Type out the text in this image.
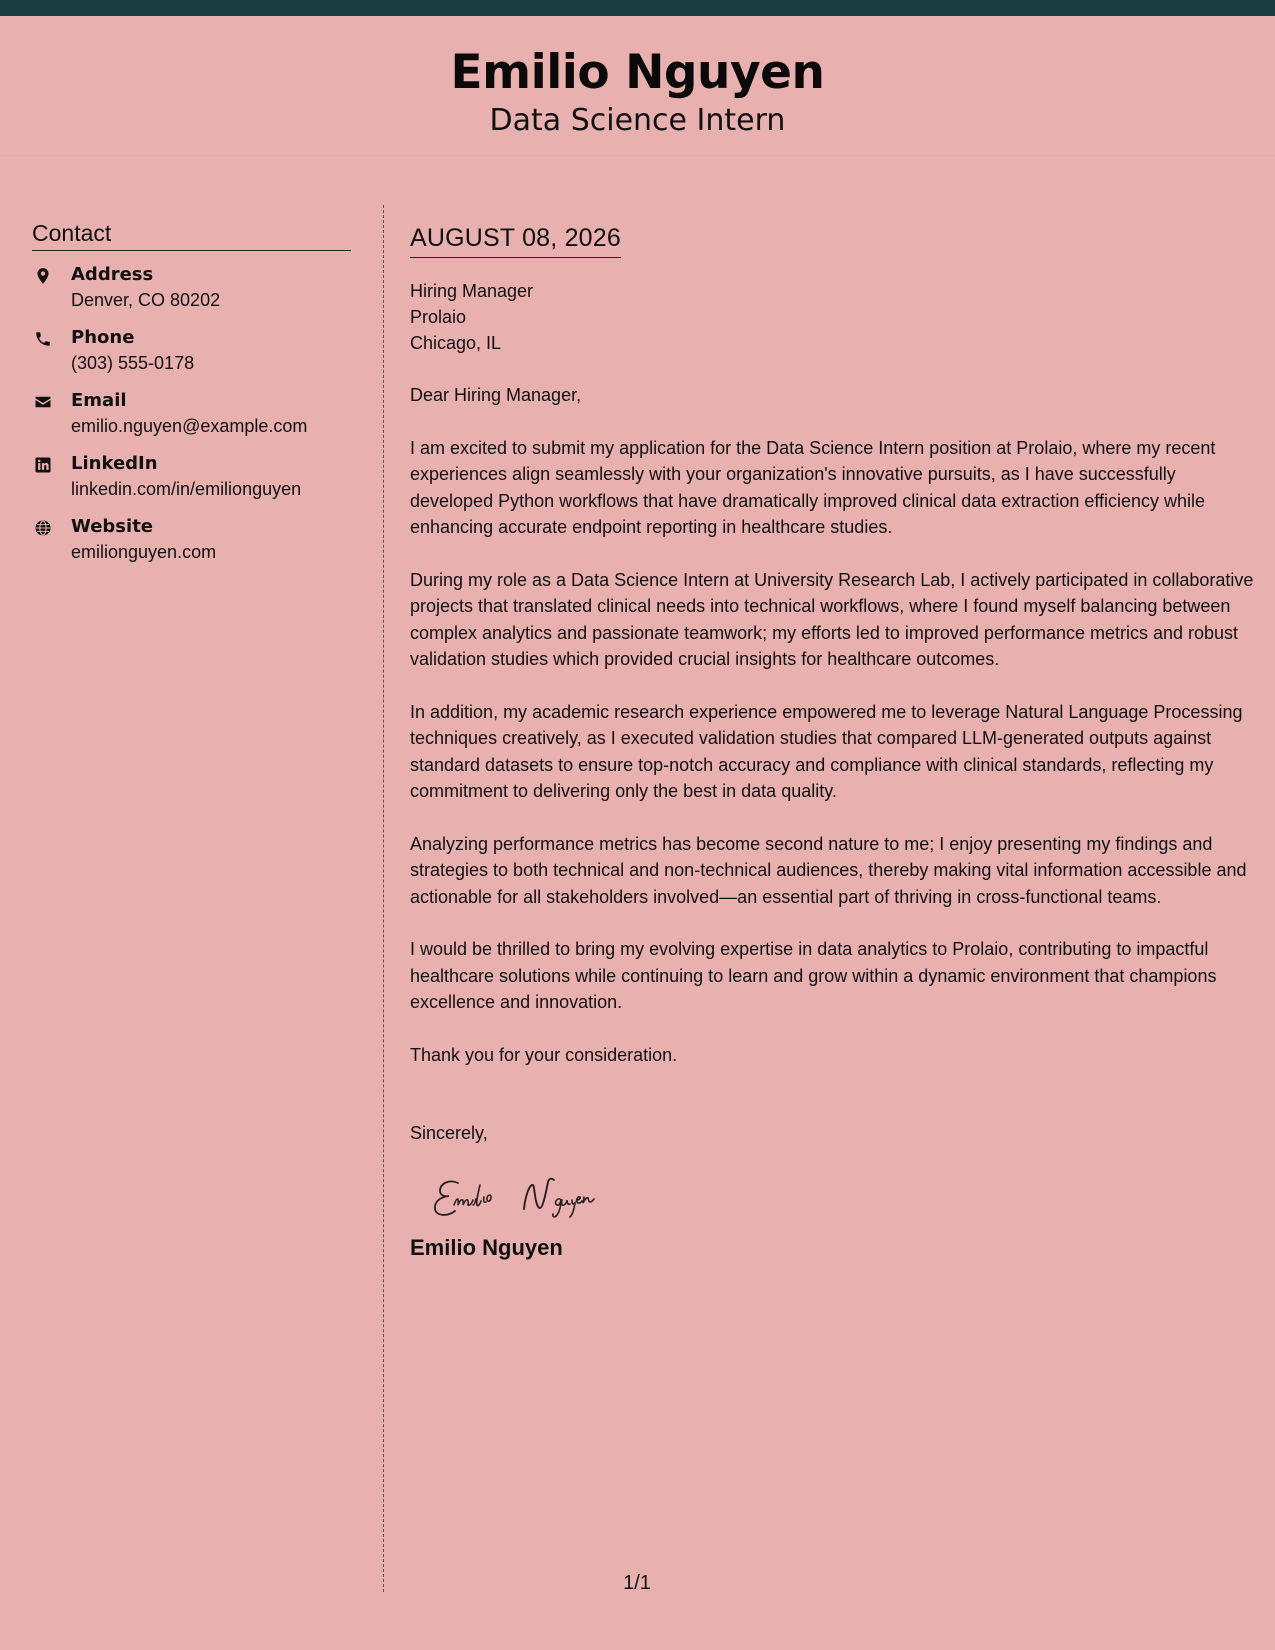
Emilio Nguyen
Data Science Intern
Contact
Address
Denver, CO 80202
Phone
(303) 555-0178
Email
emilio.nguyen@example.com
LinkedIn
linkedin.com/in/emilionguyen
Website
emilionguyen.com
AUGUST 08, 2026
Hiring Manager
Prolaio
Chicago, IL
Dear Hiring Manager,
I am excited to submit my application for the Data Science Intern position at Prolaio, where my recent experiences align seamlessly with your organization's innovative pursuits, as I have successfully developed Python workflows that have dramatically improved clinical data extraction efficiency while enhancing accurate endpoint reporting in healthcare studies.
During my role as a Data Science Intern at University Research Lab, I actively participated in collaborative projects that translated clinical needs into technical workflows, where I found myself balancing between complex analytics and passionate teamwork; my efforts led to improved performance metrics and robust validation studies which provided crucial insights for healthcare outcomes.
In addition, my academic research experience empowered me to leverage Natural Language Processing techniques creatively, as I executed validation studies that compared LLM-generated outputs against standard datasets to ensure top-notch accuracy and compliance with clinical standards, reflecting my commitment to delivering only the best in data quality.
Analyzing performance metrics has become second nature to me; I enjoy presenting my findings and strategies to both technical and non-technical audiences, thereby making vital information accessible and actionable for all stakeholders involved—an essential part of thriving in cross-functional teams.
I would be thrilled to bring my evolving expertise in data analytics to Prolaio, contributing to impactful healthcare solutions while continuing to learn and grow within a dynamic environment that champions excellence and innovation.
Thank you for your consideration.
Sincerely,
Emilio Nguyen
1/1
